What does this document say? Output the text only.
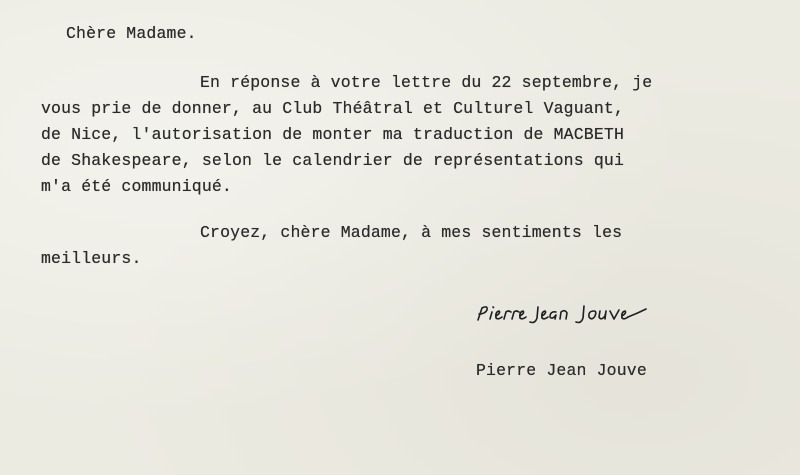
Chère Madame.
En réponse à votre lettre du 22 septembre, je
vous prie de donner, au Club Théâtral et Culturel Vaguant,
de Nice, l'autorisation de monter ma traduction de MACBETH
de Shakespeare, selon le calendrier de représentations qui
m'a été communiqué.
Croyez, chère Madame, à mes sentiments les
meilleurs.
Pierre Jean Jouve
